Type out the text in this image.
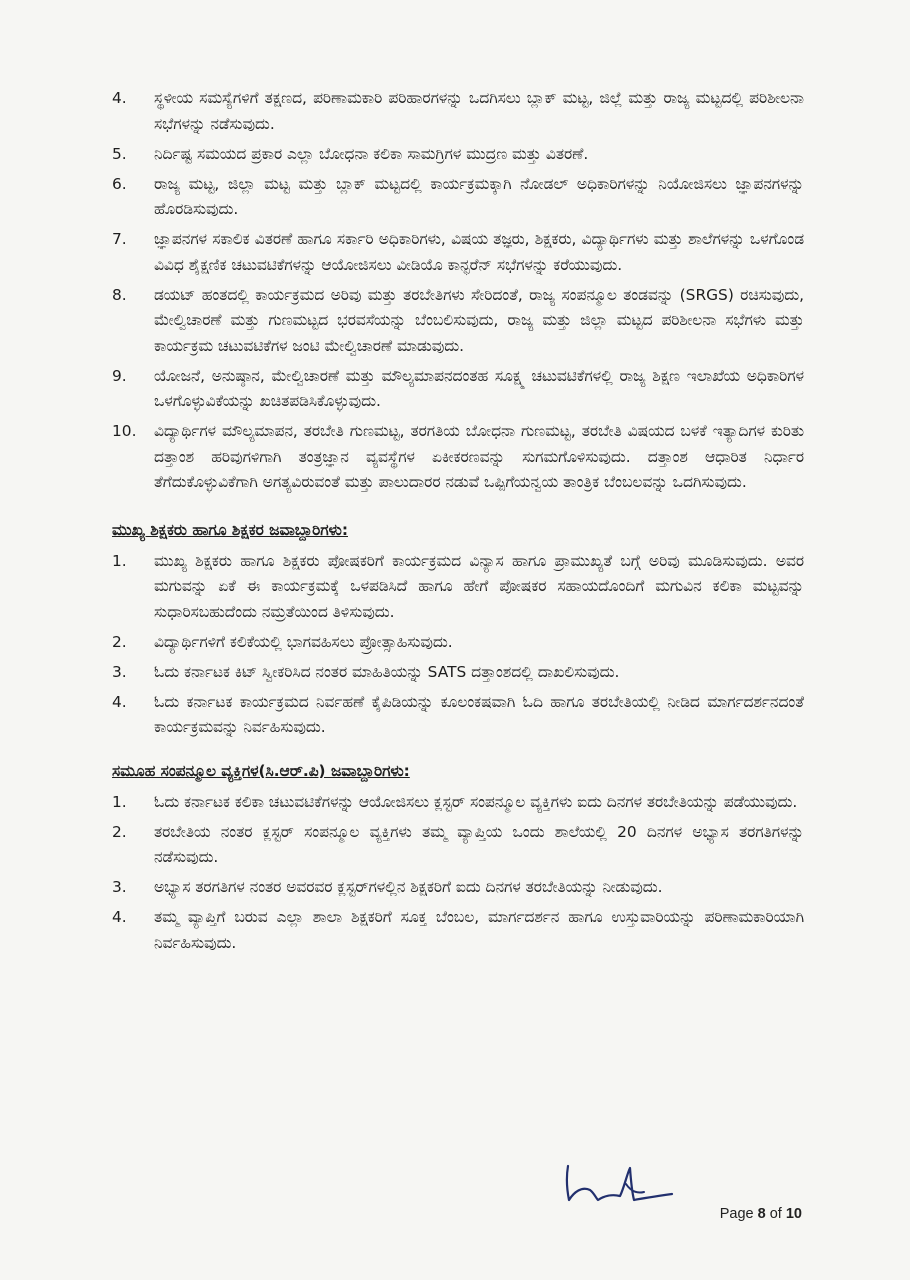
4. ಸ್ಥಳೀಯ ಸಮಸ್ಯೆಗಳಿಗೆ ತಕ್ಷಣದ, ಪರಿಣಾಮಕಾರಿ ಪರಿಹಾರಗಳನ್ನು ಒದಗಿಸಲು ಬ್ಲಾಕ್ ಮಟ್ಟ, ಜಿಲ್ಲೆ ಮತ್ತು ರಾಜ್ಯ ಮಟ್ಟದಲ್ಲಿ ಪರಿಶೀಲನಾ ಸಭೆಗಳನ್ನು ನಡೆಸುವುದು.
5. ನಿರ್ದಿಷ್ಟ ಸಮಯದ ಪ್ರಕಾರ ಎಲ್ಲಾ ಬೋಧನಾ ಕಲಿಕಾ ಸಾಮಗ್ರಿಗಳ ಮುದ್ರಣ ಮತ್ತು ವಿತರಣೆ.
6. ರಾಜ್ಯ ಮಟ್ಟ, ಜಿಲ್ಲಾ ಮಟ್ಟ ಮತ್ತು ಬ್ಲಾಕ್ ಮಟ್ಟದಲ್ಲಿ ಕಾರ್ಯಕ್ರಮಕ್ಕಾಗಿ ನೋಡಲ್ ಅಧಿಕಾರಿಗಳನ್ನು ನಿಯೋಜಿಸಲು ಜ್ಞಾಪನಗಳನ್ನು ಹೊರಡಿಸುವುದು.
7. ಜ್ಞಾಪನಗಳ ಸಕಾಲಿಕ ವಿತರಣೆ ಹಾಗೂ ಸರ್ಕಾರಿ ಅಧಿಕಾರಿಗಳು, ವಿಷಯ ತಜ್ಞರು, ಶಿಕ್ಷಕರು, ವಿದ್ಯಾರ್ಥಿಗಳು ಮತ್ತು ಶಾಲೆಗಳನ್ನು ಒಳಗೊಂಡ ವಿವಿಧ ಶೈಕ್ಷಣಿಕ ಚಟುವಟಿಕೆಗಳನ್ನು ಆಯೋಜಿಸಲು ವೀಡಿಯೊ ಕಾನ್ಫರೆನ್ ಸಭೆಗಳನ್ನು ಕರೆಯುವುದು.
8. ಡಯಟ್ ಹಂತದಲ್ಲಿ ಕಾರ್ಯಕ್ರಮದ ಅರಿವು ಮತ್ತು ತರಬೇತಿಗಳು ಸೇರಿದಂತೆ, ರಾಜ್ಯ ಸಂಪನ್ಮೂಲ ತಂಡವನ್ನು (SRGS) ರಚಿಸುವುದು, ಮೇಲ್ವಿಚಾರಣೆ ಮತ್ತು ಗುಣಮಟ್ಟದ ಭರವಸೆಯನ್ನು ಬೆಂಬಲಿಸುವುದು, ರಾಜ್ಯ ಮತ್ತು ಜಿಲ್ಲಾ ಮಟ್ಟದ ಪರಿಶೀಲನಾ ಸಭೆಗಳು ಮತ್ತು ಕಾರ್ಯಕ್ರಮ ಚಟುವಟಿಕೆಗಳ ಜಂಟಿ ಮೇಲ್ವಿಚಾರಣೆ ಮಾಡುವುದು.
9. ಯೋಜನೆ, ಅನುಷ್ಠಾನ, ಮೇಲ್ವಿಚಾರಣೆ ಮತ್ತು ಮೌಲ್ಯಮಾಪನದಂತಹ ಸೂಕ್ಷ್ಮ ಚಟುವಟಿಕೆಗಳಲ್ಲಿ ರಾಜ್ಯ ಶಿಕ್ಷಣ ಇಲಾಖೆಯ ಅಧಿಕಾರಿಗಳ ಒಳಗೊಳ್ಳುವಿಕೆಯನ್ನು ಖಚಿತಪಡಿಸಿಕೊಳ್ಳುವುದು.
10. ವಿದ್ಯಾರ್ಥಿಗಳ ಮೌಲ್ಯಮಾಪನ, ತರಬೇತಿ ಗುಣಮಟ್ಟ, ತರಗತಿಯ ಬೋಧನಾ ಗುಣಮಟ್ಟ, ತರಬೇತಿ ವಿಷಯದ ಬಳಕೆ ಇತ್ಯಾದಿಗಳ ಕುರಿತು ದತ್ತಾಂಶ ಹರಿವುಗಳಿಗಾಗಿ ತಂತ್ರಜ್ಞಾನ ವ್ಯವಸ್ಥೆಗಳ ಏಕೀಕರಣವನ್ನು ಸುಗಮಗೊಳಿಸುವುದು. ದತ್ತಾಂಶ ಆಧಾರಿತ ನಿರ್ಧಾರ ತೆಗೆದುಕೊಳ್ಳುವಿಕೆಗಾಗಿ ಅಗತ್ಯವಿರುವಂತೆ ಮತ್ತು ಪಾಲುದಾರರ ನಡುವೆ ಒಪ್ಪಿಗೆಯನ್ವಯ ತಾಂತ್ರಿಕ ಬೆಂಬಲವನ್ನು ಒದಗಿಸುವುದು.
ಮುಖ್ಯ ಶಿಕ್ಷಕರು ಹಾಗೂ ಶಿಕ್ಷಕರ ಜವಾಬ್ದಾರಿಗಳು:
1. ಮುಖ್ಯ ಶಿಕ್ಷಕರು ಹಾಗೂ ಶಿಕ್ಷಕರು ಪೋಷಕರಿಗೆ ಕಾರ್ಯಕ್ರಮದ ವಿನ್ಯಾಸ ಹಾಗೂ ಪ್ರಾಮುಖ್ಯತೆ ಬಗ್ಗೆ ಅರಿವು ಮೂಡಿಸುವುದು. ಅವರ ಮಗುವನ್ನು ಏಕೆ ಈ ಕಾರ್ಯಕ್ರಮಕ್ಕೆ ಒಳಪಡಿಸಿದೆ ಹಾಗೂ ಹೇಗೆ ಪೋಷಕರ ಸಹಾಯದೊಂದಿಗೆ ಮಗುವಿನ ಕಲಿಕಾ ಮಟ್ಟವನ್ನು ಸುಧಾರಿಸಬಹುದೆಂದು ನಮ್ರತೆಯಿಂದ ತಿಳಿಸುವುದು.
2. ವಿದ್ಯಾರ್ಥಿಗಳಿಗೆ ಕಲಿಕೆಯಲ್ಲಿ ಭಾಗವಹಿಸಲು ಪ್ರೋತ್ಸಾಹಿಸುವುದು.
3. ಓದು ಕರ್ನಾಟಕ ಕಿಟ್ ಸ್ವೀಕರಿಸಿದ ನಂತರ ಮಾಹಿತಿಯನ್ನು SATS ದತ್ತಾಂಶದಲ್ಲಿ ದಾಖಲಿಸುವುದು.
4. ಓದು ಕರ್ನಾಟಕ ಕಾರ್ಯಕ್ರಮದ ನಿರ್ವಹಣೆ ಕೈಪಿಡಿಯನ್ನು ಕೂಲಂಕಷವಾಗಿ ಓದಿ ಹಾಗೂ ತರಬೇತಿಯಲ್ಲಿ ನೀಡಿದ ಮಾರ್ಗದರ್ಶನದಂತೆ ಕಾರ್ಯಕ್ರಮವನ್ನು ನಿರ್ವಹಿಸುವುದು.
ಸಮೂಹ ಸಂಪನ್ಮೂಲ ವ್ಯಕ್ತಿಗಳ(ಸಿ.ಆರ್.ಪಿ) ಜವಾಬ್ದಾರಿಗಳು:
1. ಓದು ಕರ್ನಾಟಕ ಕಲಿಕಾ ಚಟುವಟಿಕೆಗಳನ್ನು ಆಯೋಜಿಸಲು ಕ್ಲಸ್ಟರ್ ಸಂಪನ್ಮೂಲ ವ್ಯಕ್ತಿಗಳು ಐದು ದಿನಗಳ ತರಬೇತಿಯನ್ನು ಪಡೆಯುವುದು.
2. ತರಬೇತಿಯ ನಂತರ ಕ್ಲಸ್ಟರ್ ಸಂಪನ್ಮೂಲ ವ್ಯಕ್ತಿಗಳು ತಮ್ಮ ವ್ಯಾಪ್ತಿಯ ಒಂದು ಶಾಲೆಯಲ್ಲಿ 20 ದಿನಗಳ ಅಭ್ಯಾಸ ತರಗತಿಗಳನ್ನು ನಡೆಸುವುದು.
3. ಅಭ್ಯಾಸ ತರಗತಿಗಳ ನಂತರ ಅವರವರ ಕ್ಲಸ್ಟರ್‌ಗಳಲ್ಲಿನ ಶಿಕ್ಷಕರಿಗೆ ಐದು ದಿನಗಳ ತರಬೇತಿಯನ್ನು ನೀಡುವುದು.
4. ತಮ್ಮ ವ್ಯಾಪ್ತಿಗೆ ಬರುವ ಎಲ್ಲಾ ಶಾಲಾ ಶಿಕ್ಷಕರಿಗೆ ಸೂಕ್ತ ಬೆಂಬಲ, ಮಾರ್ಗದರ್ಶನ ಹಾಗೂ ಉಸ್ತುವಾರಿಯನ್ನು ಪರಿಣಾಮಕಾರಿಯಾಗಿ ನಿರ್ವಹಿಸುವುದು.
Page 8 of 10
